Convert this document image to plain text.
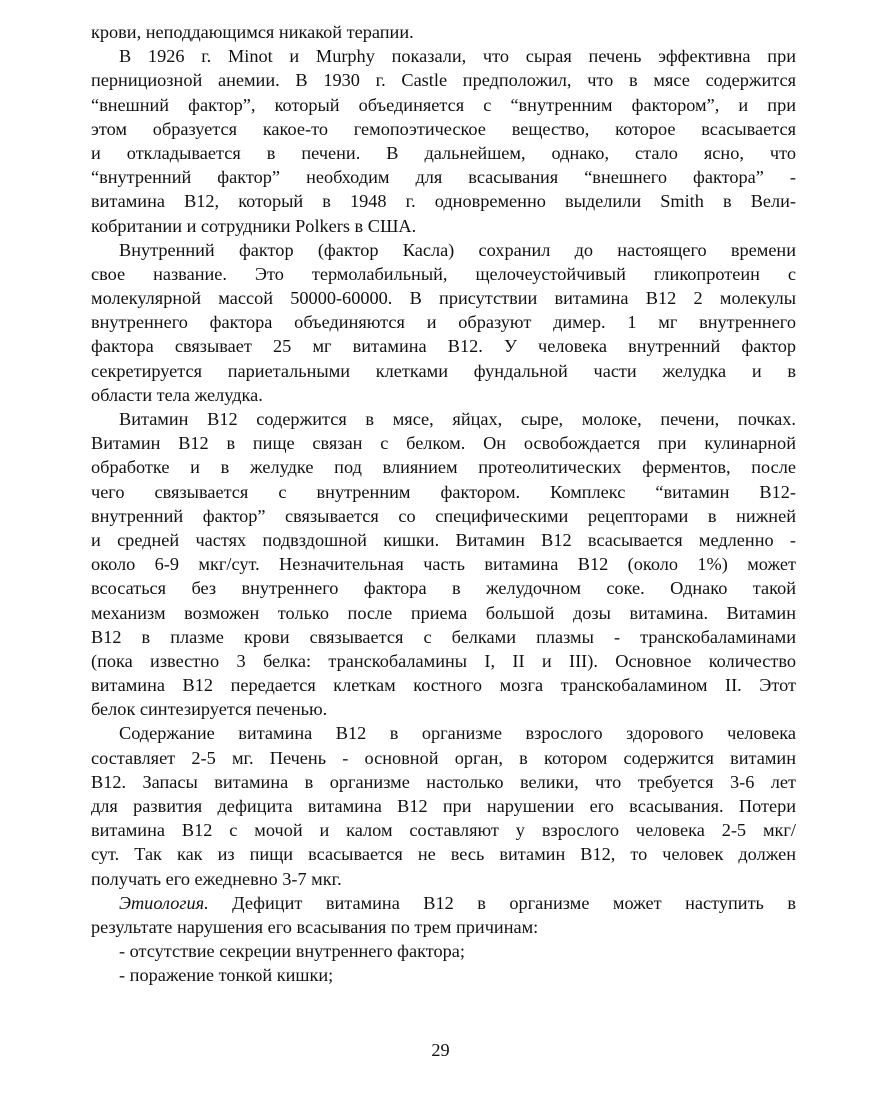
крови, неподдающимся никакой терапии.
В 1926 г. Minot и Murphy показали, что сырая печень эффективна при
пернициозной анемии. В 1930 г. Castle предположил, что в мясе содержится
“внешний фактор”, который объединяется с “внутренним фактором”, и при
этом образуется какое-то гемопоэтическое вещество, которое всасывается
и откладывается в печени. В дальнейшем, однако, стало ясно, что
“внутренний фактор” необходим для всасывания “внешнего фактора” -
витамина B12, который в 1948 г. одновременно выделили Smith в Вели-
кобритании и сотрудники Polkers в США.
Внутренний фактор (фактор Касла) сохранил до настоящего времени
свое название. Это термолабильный, щелочеустойчивый гликопротеин с
молекулярной массой 50000-60000. В присутствии витамина B12 2 молекулы
внутреннего фактора объединяются и образуют димер. 1 мг внутреннего
фактора связывает 25 мг витамина B12. У человека внутренний фактор
секретируется париетальными клетками фундальной части желудка и в
области тела желудка.
Витамин B12 содержится в мясе, яйцах, сыре, молоке, печени, почках.
Витамин B12 в пище связан с белком. Он освобождается при кулинарной
обработке и в желудке под влиянием протеолитических ферментов, после
чего связывается с внутренним фактором. Комплекс “витамин B12-
внутренний фактор” связывается со специфическими рецепторами в нижней
и средней частях подвздошной кишки. Витамин B12 всасывается медленно -
около 6-9 мкг/сут. Незначительная часть витамина B12 (около 1%) может
всосаться без внутреннего фактора в желудочном соке. Однако такой
механизм возможен только после приема большой дозы витамина. Витамин
B12 в плазме крови связывается с белками плазмы - транскобаламинами
(пока известно 3 белка: транскобаламины I, II и III). Основное количество
витамина B12 передается клеткам костного мозга транскобаламином II. Этот
белок синтезируется печенью.
Содержание витамина B12 в организме взрослого здорового человека
составляет 2-5 мг. Печень - основной орган, в котором содержится витамин
B12. Запасы витамина в организме настолько велики, что требуется 3-6 лет
для развития дефицита витамина B12 при нарушении его всасывания. Потери
витамина B12 с мочой и калом составляют у взрослого человека 2-5 мкг/
сут. Так как из пищи всасывается не весь витамин B12, то человек должен
получать его ежедневно 3-7 мкг.
Этиология. Дефицит витамина B12 в организме может наступить в
результате нарушения его всасывания по трем причинам:
- отсутствие секреции внутреннего фактора;
- поражение тонкой кишки;
29
